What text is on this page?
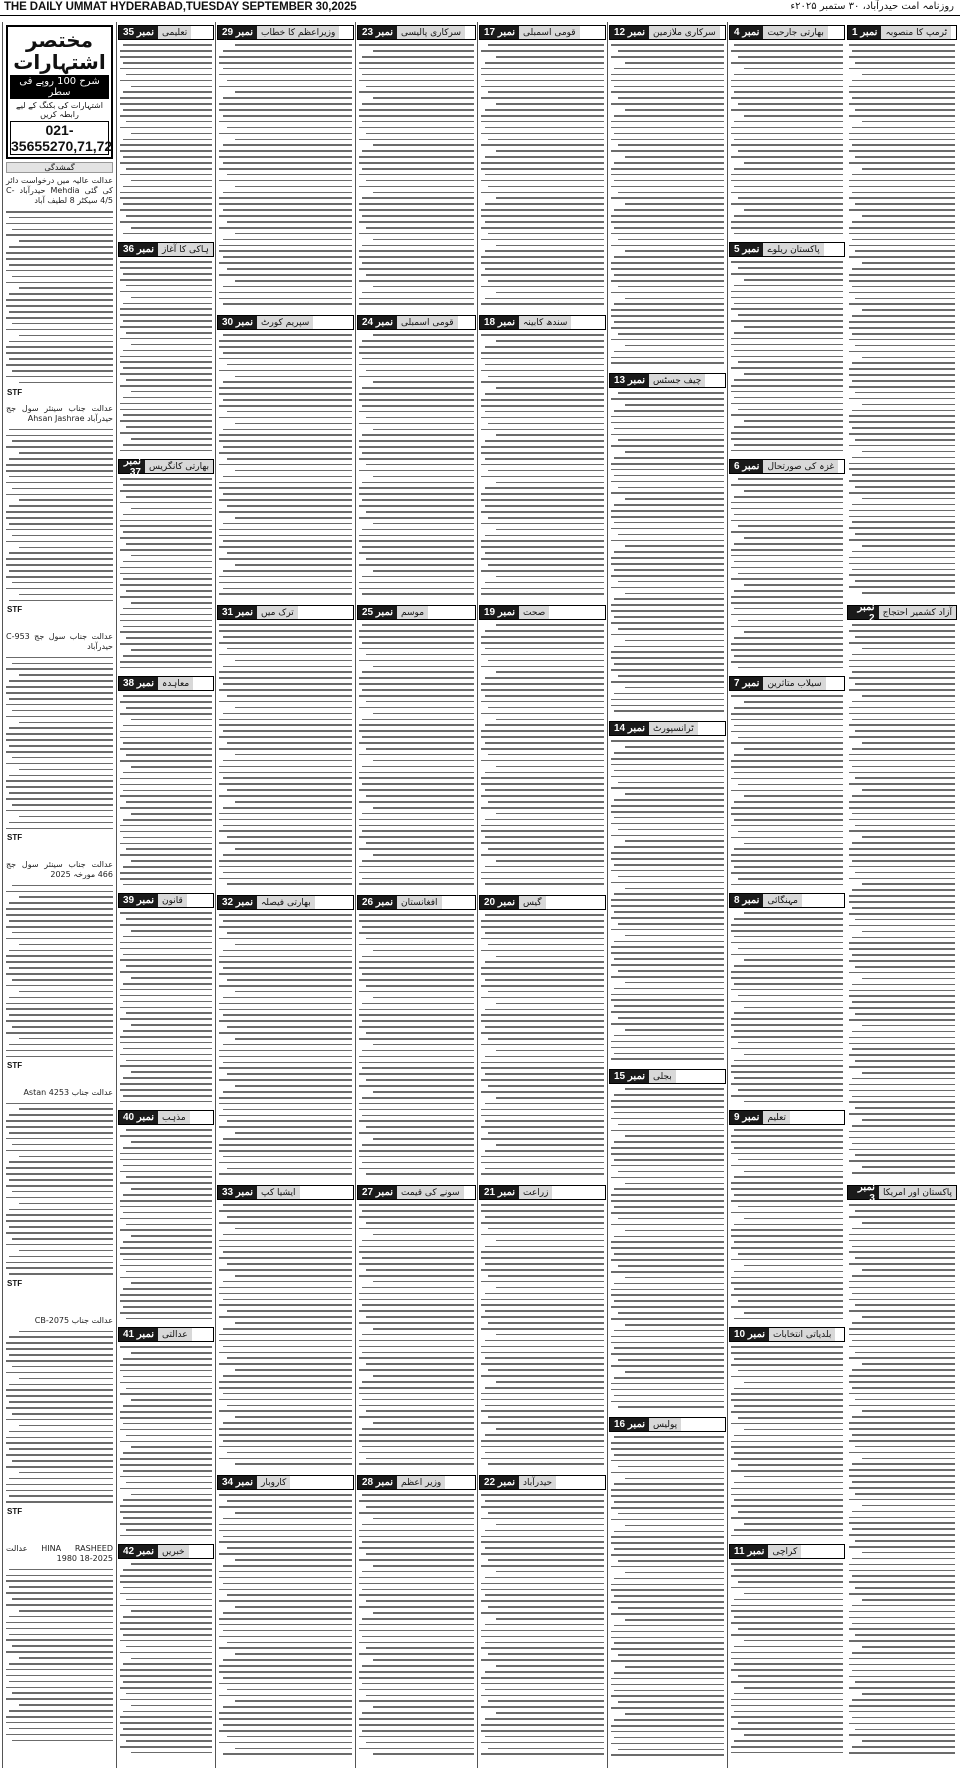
THE DAILY UMMAT HYDERABAD,TUESDAY SEPTEMBER 30,2025	روزنامہ امت حیدرآباد، ۳۰ ستمبر ۲۰۲۵ء
مختصر اشتہارات
شرح 100 روپے فی سطر
اشتہارات کی بکنگ کے لیے رابطہ کریں
021-35655270,71,72
گمشدگی
عدالت عالیہ میں درخواست دائر کی گئی Mehdia حیدرآباد C-4/5 سیکٹر 8 لطیف آباد
STF
عدالت جناب سینئر سول جج حیدرآباد Ahsan Jashrae
STF
عدالت جناب سول جج C-953 حیدرآباد
STF
عدالت جناب سینئر سول جج 466 مورخہ 2025
STF
عدالت جناب 4253 Astan
STF
عدالت جناب CB-2075
STF
HINA RASHEED عدالت 2025-18 1980
نمبر 35 تعلیمی
نمبر 36 ہاکی کا آغاز
نمبر 37 بھارتی کانگریس
نمبر 38 معاہدہ
نمبر 39 قانون
نمبر 40 مذہب
نمبر 41 عدالتی
نمبر 42 خبریں
نمبر 29 وزیراعظم کا خطاب
نمبر 30 سپریم کورٹ
نمبر 31 ترک میں
نمبر 32 بھارتی فیصلہ
نمبر 33 ایشیا کپ
نمبر 34 کاروبار
نمبر 23 سرکاری پالیسی
نمبر 24 قومی اسمبلی
نمبر 25 موسم
نمبر 26 افغانستان
نمبر 27 سونے کی قیمت
نمبر 28 وزیر اعظم
نمبر 17 قومی اسمبلی
نمبر 18 سندھ کابینہ
نمبر 19 صحت
نمبر 20 گیس
نمبر 21 زراعت
نمبر 22 حیدرآباد
نمبر 12 سرکاری ملازمین
نمبر 13 چیف جسٹس
نمبر 14 ٹرانسپورٹ
نمبر 15 بجلی
نمبر 16 پولیس
نمبر 4 بھارتی جارحیت
نمبر 5 پاکستان ریلوے
نمبر 6 غزہ کی صورتحال
نمبر 7 سیلاب متاثرین
نمبر 8 مہنگائی
نمبر 9 تعلیم
نمبر 10 بلدیاتی انتخابات
نمبر 11 کراچی
نمبر 1 ٹرمپ کا منصوبہ
نمبر 2 آزاد کشمیر احتجاج
نمبر 3 پاکستان اور امریکا
